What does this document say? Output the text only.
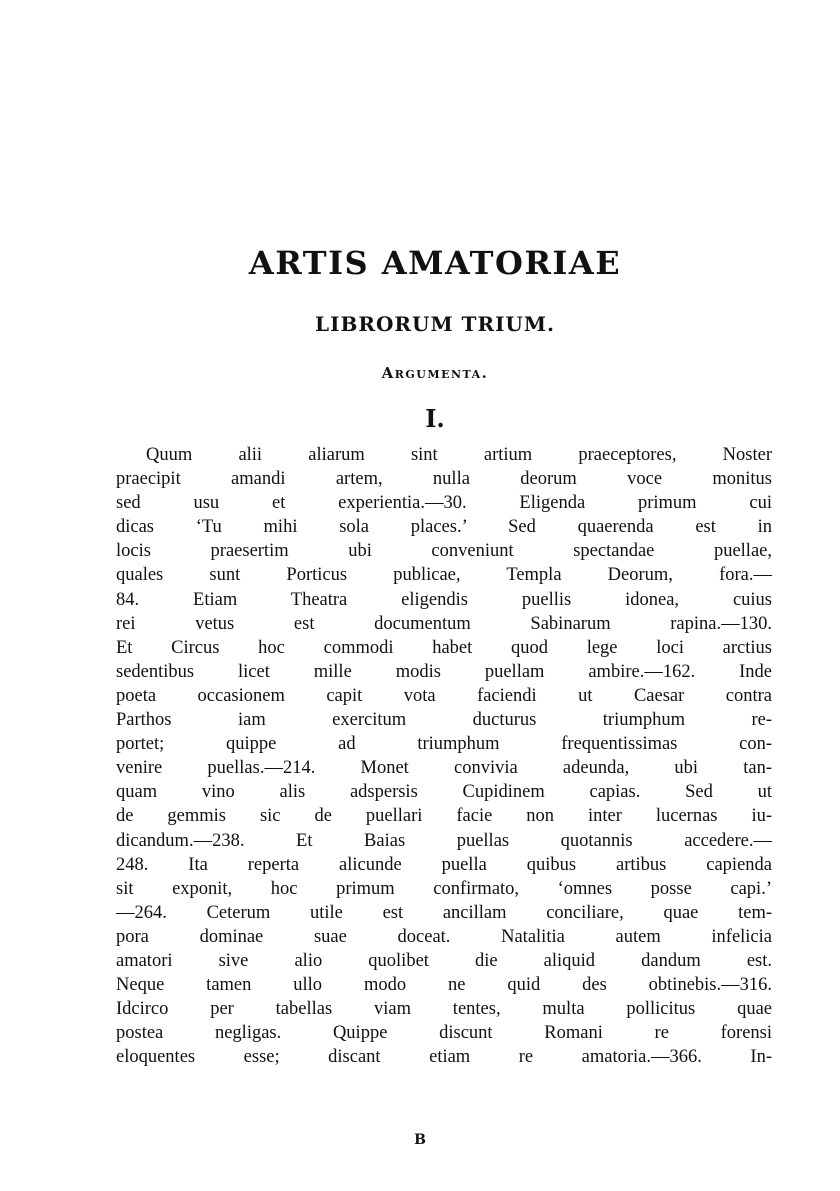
ARTIS AMATORIAE
LIBRORUM TRIUM.
Argumenta.
I.
Quum alii aliarum sint artium praeceptores, Noster
praecipit amandi artem, nulla deorum voce monitus
sed usu et experientia.—30. Eligenda primum cui
dicas ‘Tu mihi sola places.’ Sed quaerenda est in
locis praesertim ubi conveniunt spectandae puellae,
quales sunt Porticus publicae, Templa Deorum, fora.—
84. Etiam Theatra eligendis puellis idonea, cuius
rei vetus est documentum Sabinarum rapina.—130.
Et Circus hoc commodi habet quod lege loci arctius
sedentibus licet mille modis puellam ambire.—162. Inde
poeta occasionem capit vota faciendi ut Caesar contra
Parthos iam exercitum ducturus triumphum re-
portet; quippe ad triumphum frequentissimas con-
venire puellas.—214. Monet convivia adeunda, ubi tan-
quam vino alis adspersis Cupidinem capias. Sed ut
de gemmis sic de puellari facie non inter lucernas iu-
dicandum.—238. Et Baias puellas quotannis accedere.—
248. Ita reperta alicunde puella quibus artibus capienda
sit exponit, hoc primum confirmato, ‘omnes posse capi.’
—264. Ceterum utile est ancillam conciliare, quae tem-
pora dominae suae doceat. Natalitia autem infelicia
amatori sive alio quolibet die aliquid dandum est.
Neque tamen ullo modo ne quid des obtinebis.—316.
Idcirco per tabellas viam tentes, multa pollicitus quae
postea negligas. Quippe discunt Romani re forensi
eloquentes esse; discant etiam re amatoria.—366. In-
B
